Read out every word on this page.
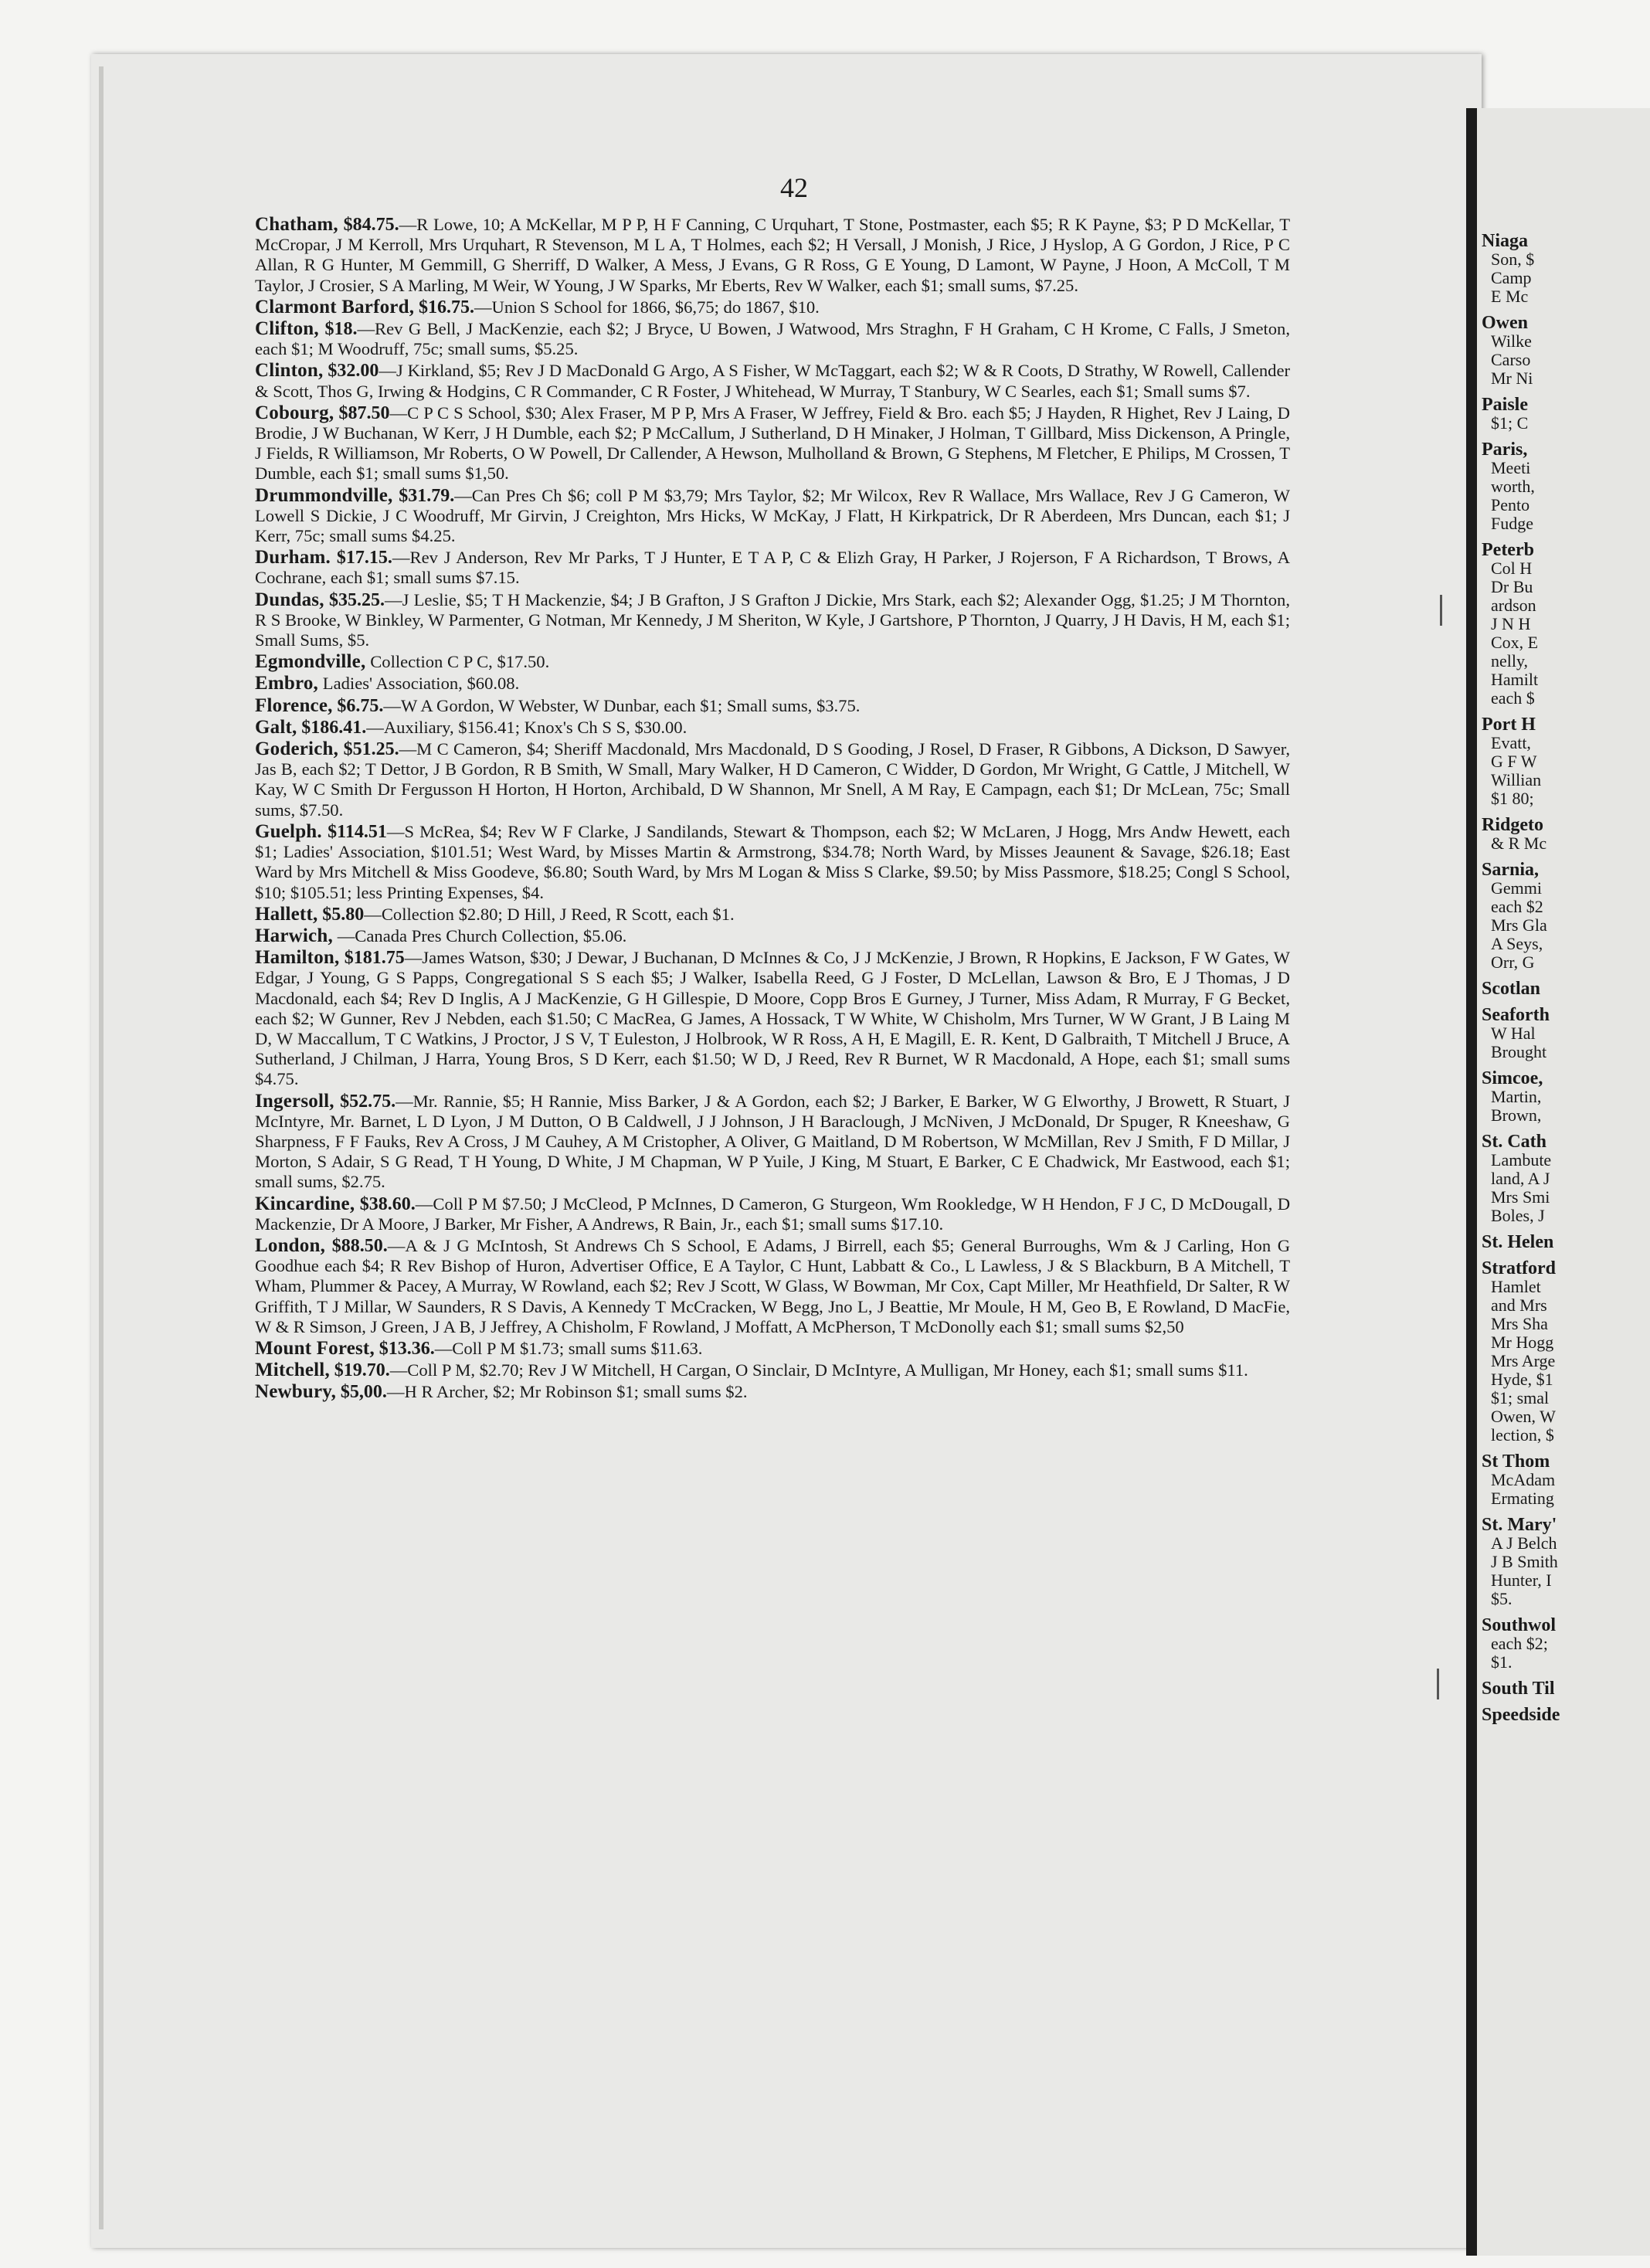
42

Chatham, $84.75.—R Lowe, 10; A McKellar, M P P, H F Canning, C Urquhart, T Stone, Postmaster, each $5; R K Payne, $3; P D McKellar, T McCropar, J M Kerroll, Mrs Urquhart, R Stevenson, M L A, T Holmes, each $2; H Versall, J Monish, J Rice, J Hyslop, A G Gordon, J Rice, P C Allan, R G Hunter, M Gemmill, G Sherriff, D Walker, A Mess, J Evans, G R Ross, G E Young, D Lamont, W Payne, J Hoon, A McColl, T M Taylor, J Crosier, S A Marling, M Weir, W Young, J W Sparks, Mr Eberts, Rev W Walker, each $1; small sums, $7.25.

Clarmont Barford, $16.75.—Union S School for 1866, $6,75; do 1867, $10.

Clifton, $18.—Rev G Bell, J MacKenzie, each $2; J Bryce, U Bowen, J Watwood, Mrs Straghn, F H Graham, C H Krome, C Falls, J Smeton, each $1; M Woodruff, 75c; small sums, $5.25.

Clinton, $32.00—J Kirkland, $5; Rev J D MacDonald G Argo, A S Fisher, W McTaggart, each $2; W & R Coots, D Strathy, W Rowell, Callender & Scott, Thos G, Irwing & Hodgins, C R Commander, C R Foster, J Whitehead, W Murray, T Stanbury, W C Searles, each $1; Small sums $7.

Cobourg, $87.50—C P C S School, $30; Alex Fraser, M P P, Mrs A Fraser, W Jeffrey, Field & Bro. each $5; J Hayden, R Highet, Rev J Laing, D Brodie, J W Buchanan, W Kerr, J H Dumble, each $2; P McCallum, J Sutherland, D H Minaker, J Holman, T Gillbard, Miss Dickenson, A Pringle, J Fields, R Williamson, Mr Roberts, O W Powell, Dr Callender, A Hewson, Mulholland & Brown, G Stephens, M Fletcher, E Philips, M Crossen, T Dumble, each $1; small sums $1,50.

Drummondville, $31.79.—Can Pres Ch $6; coll P M $3,79; Mrs Taylor, $2; Mr Wilcox, Rev R Wallace, Mrs Wallace, Rev J G Cameron, W Lowell S Dickie, J C Woodruff, Mr Girvin, J Creighton, Mrs Hicks, W McKay, J Flatt, H Kirkpatrick, Dr R Aberdeen, Mrs Duncan, each $1; J Kerr, 75c; small sums $4.25.

Durham. $17.15.—Rev J Anderson, Rev Mr Parks, T J Hunter, E T A P, C & Elizh Gray, H Parker, J Rojerson, F A Richardson, T Brows, A Cochrane, each $1; small sums $7.15.

Dundas, $35.25.—J Leslie, $5; T H Mackenzie, $4; J B Grafton, J S Grafton J Dickie, Mrs Stark, each $2; Alexander Ogg, $1.25; J M Thornton, R S Brooke, W Binkley, W Parmenter, G Notman, Mr Kennedy, J M Sheriton, W Kyle, J Gartshore, P Thornton, J Quarry, J H Davis, H M, each $1; Small Sums, $5.

Egmondville, Collection C P C, $17.50.

Embro, Ladies' Association, $60.08.

Florence, $6.75.—W A Gordon, W Webster, W Dunbar, each $1; Small sums, $3.75.

Galt, $186.41.—Auxiliary, $156.41; Knox's Ch S S, $30.00.

Goderich, $51.25.—M C Cameron, $4; Sheriff Macdonald, Mrs Macdonald, D S Gooding, J Rosel, D Fraser, R Gibbons, A Dickson, D Sawyer, Jas B, each $2; T Dettor, J B Gordon, R B Smith, W Small, Mary Walker, H D Cameron, C Widder, D Gordon, Mr Wright, G Cattle, J Mitchell, W Kay, W C Smith Dr Fergusson H Horton, H Horton, Archibald, D W Shannon, Mr Snell, A M Ray, E Campagn, each $1; Dr McLean, 75c; Small sums, $7.50.

Guelph. $114.51—S McRea, $4; Rev W F Clarke, J Sandilands, Stewart & Thompson, each $2; W McLaren, J Hogg, Mrs Andw Hewett, each $1; Ladies' Association, $101.51; West Ward, by Misses Martin & Armstrong, $34.78; North Ward, by Misses Jeaunent & Savage, $26.18; East Ward by Mrs Mitchell & Miss Goodeve, $6.80; South Ward, by Mrs M Logan & Miss S Clarke, $9.50; by Miss Passmore, $18.25; Congl S School, $10; $105.51; less Printing Expenses, $4.

Hallett, $5.80—Collection $2.80; D Hill, J Reed, R Scott, each $1.

Harwich, —Canada Pres Church Collection, $5.06.

Hamilton, $181.75—James Watson, $30; J Dewar, J Buchanan, D McInnes & Co, J J McKenzie, J Brown, R Hopkins, E Jackson, F W Gates, W Edgar, J Young, G S Papps, Congregational S S each $5; J Walker, Isabella Reed, G J Foster, D McLellan, Lawson & Bro, E J Thomas, J D Macdonald, each $4; Rev D Inglis, A J MacKenzie, G H Gillespie, D Moore, Copp Bros E Gurney, J Turner, Miss Adam, R Murray, F G Becket, each $2; W Gunner, Rev J Nebden, each $1.50; C MacRea, G James, A Hossack, T W White, W Chisholm, Mrs Turner, W W Grant, J B Laing M D, W Maccallum, T C Watkins, J Proctor, J S V, T Euleston, J Holbrook, W R Ross, A H, E Magill, E. R. Kent, D Galbraith, T Mitchell J Bruce, A Sutherland, J Chilman, J Harra, Young Bros, S D Kerr, each $1.50; W D, J Reed, Rev R Burnet, W R Macdonald, A Hope, each $1; small sums $4.75.

Ingersoll, $52.75.—Mr. Rannie, $5; H Rannie, Miss Barker, J & A Gordon, each $2; J Barker, E Barker, W G Elworthy, J Browett, R Stuart, J McIntyre, Mr. Barnet, L D Lyon, J M Dutton, O B Caldwell, J J Johnson, J H Baraclough, J McNiven, J McDonald, Dr Spuger, R Kneeshaw, G Sharpness, F F Fauks, Rev A Cross, J M Cauhey, A M Cristopher, A Oliver, G Maitland, D M Robertson, W McMillan, Rev J Smith, F D Millar, J Morton, S Adair, S G Read, T H Young, D White, J M Chapman, W P Yuile, J King, M Stuart, E Barker, C E Chadwick, Mr Eastwood, each $1; small sums, $2.75.

Kincardine, $38.60.—Coll P M $7.50; J McCleod, P McInnes, D Cameron, G Sturgeon, Wm Rookledge, W H Hendon, F J C, D McDougall, D Mackenzie, Dr A Moore, J Barker, Mr Fisher, A Andrews, R Bain, Jr., each $1; small sums $17.10.

London, $88.50.—A & J G McIntosh, St Andrews Ch S School, E Adams, J Birrell, each $5; General Burroughs, Wm & J Carling, Hon G Goodhue each $4; R Rev Bishop of Huron, Advertiser Office, E A Taylor, C Hunt, Labbatt & Co., L Lawless, J & S Blackburn, B A Mitchell, T Wham, Plummer & Pacey, A Murray, W Rowland, each $2; Rev J Scott, W Glass, W Bowman, Mr Cox, Capt Miller, Mr Heathfield, Dr Salter, R W Griffith, T J Millar, W Saunders, R S Davis, A Kennedy T McCracken, W Begg, Jno L, J Beattie, Mr Moule, H M, Geo B, E Rowland, D MacFie, W & R Simson, J Green, J A B, J Jeffrey, A Chisholm, F Rowland, J Moffatt, A McPherson, T McDonolly each $1; small sums $2,50

Mount Forest, $13.36.—Coll P M $1.73; small sums $11.63.

Mitchell, $19.70.—Coll P M, $2.70; Rev J W Mitchell, H Cargan, O Sinclair, D McIntyre, A Mulligan, Mr Honey, each $1; small sums $11.

Newbury, $5,00.—H R Archer, $2; Mr Robinson $1; small sums $2.

Niaga
Son, $
Camp
E Mc
Owen
Wilke
Carso
Mr Ni
Paisle
$1; C
Paris,
Meeti
worth,
Pento
Fudge
Peterb
Col H
Dr Bu
ardson
J N H
Cox, E
nelly,
Hamilt
each $
Port H
Evatt,
G F W
Willian
$1 80;
Ridgeto
& R Mc
Sarnia,
Gemmi
each $2
Mrs Gla
A Seys,
Orr, G
Scotlan
Seaforth
W Hal
Brought
Simcoe,
Martin,
Brown,
St. Cath
Lambute
land, A J
Mrs Smi
Boles, J
St. Helen
Stratford
Hamlet
and Mrs
Mrs Sha
Mr Hogg
Mrs Arge
Hyde, $1
$1; smal
Owen, W
lection, $
St Thom
McAdam
Ermating
St. Mary'
A J Belch
J B Smith
Hunter, I
$5.
Southwol
each $2;
$1.
South Til
Speedside
